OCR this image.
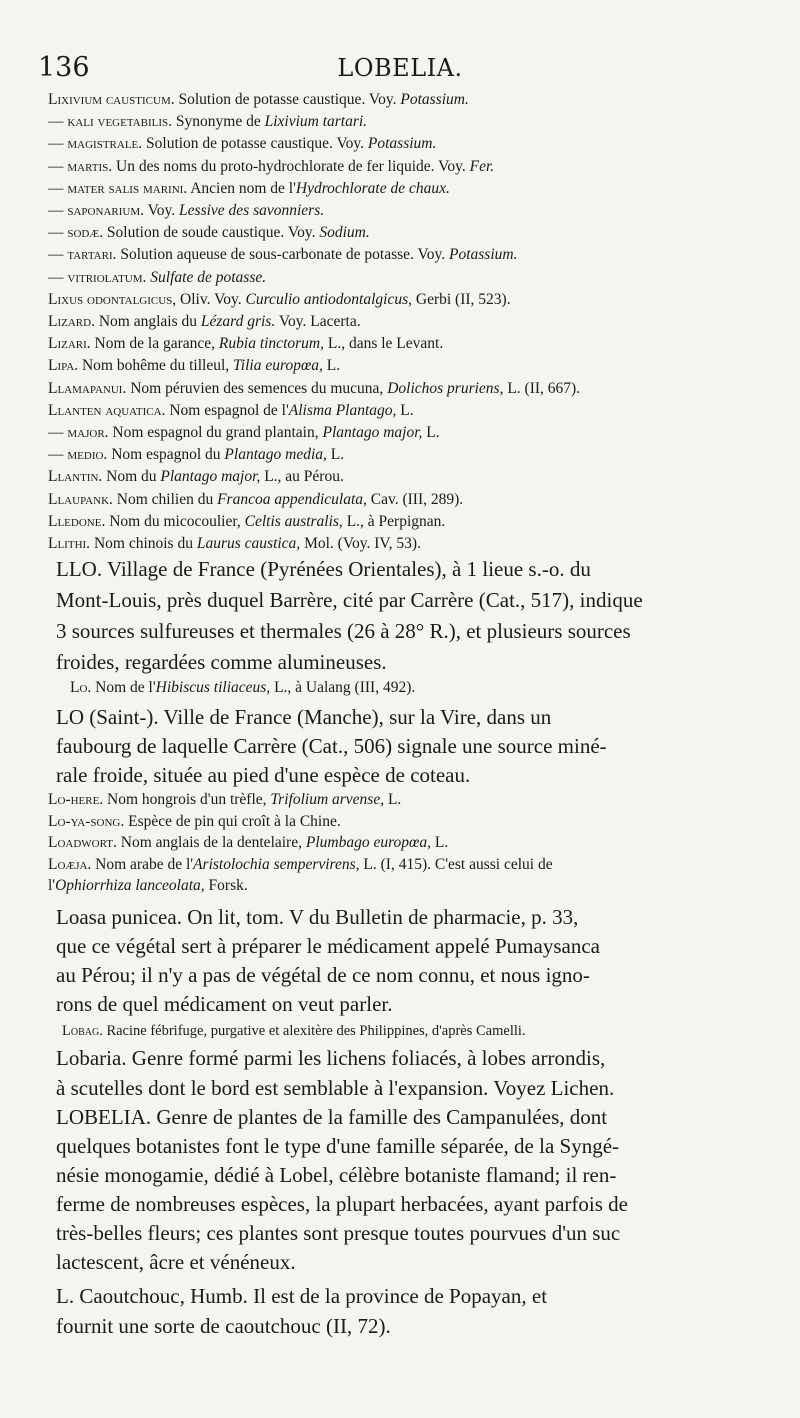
136	LOBELIA.
Lixivium causticum. Solution de potasse caustique. Voy. Potassium.
— kali vegetabilis. Synonyme de Lixivium tartari.
— magistrale. Solution de potasse caustique. Voy. Potassium.
— martis. Un des noms du proto-hydrochlorate de fer liquide. Voy. Fer.
— mater salis marini. Ancien nom de l'Hydrochlorate de chaux.
— saponarium. Voy. Lessive des savonniers.
— sodæ. Solution de soude caustique. Voy. Sodium.
— tartari. Solution aqueuse de sous-carbonate de potasse. Voy. Potassium.
— vitriolatum. Sulfate de potasse.
Lixus odontalgicus, Oliv. Voy. Curculio antiodontalgicus, Gerbi (II, 523).
Lizard. Nom anglais du Lézard gris. Voy. Lacerta.
Lizari. Nom de la garance, Rubia tinctorum, L., dans le Levant.
Lipa. Nom bohême du tilleul, Tilia europœa, L.
Llamapanui. Nom péruvien des semences du mucuna, Dolichos pruriens, L. (II, 667).
Llanten aquatica. Nom espagnol de l'Alisma Plantago, L.
— major. Nom espagnol du grand plantain, Plantago major, L.
— medio. Nom espagnol du Plantago media, L.
Llantin. Nom du Plantago major, L., au Pérou.
Llaupank. Nom chilien du Francoa appendiculata, Cav. (III, 289).
Lledone. Nom du micocoulier, Celtis australis, L., à Perpignan.
Llithi. Nom chinois du Laurus caustica, Mol. (Voy. IV, 53).
LLO. Village de France (Pyrénées Orientales), à 1 lieue s.-o. du
Mont-Louis, près duquel Barrère, cité par Carrère (Cat., 517), indique
3 sources sulfureuses et thermales (26 à 28° R.), et plusieurs sources
froides, regardées comme alumineuses.
Lo. Nom de l'Hibiscus tiliaceus, L., à Ualang (III, 492).
LO (Saint-). Ville de France (Manche), sur la Vire, dans un
faubourg de laquelle Carrère (Cat., 506) signale une source miné-
rale froide, située au pied d'une espèce de coteau.
Lo-here. Nom hongrois d'un trèfle, Trifolium arvense, L.
Lo-ya-song. Espèce de pin qui croît à la Chine.
Loadwort. Nom anglais de la dentelaire, Plumbago europœa, L.
Loæja. Nom arabe de l'Aristolochia sempervirens, L. (I, 415). C'est aussi celui de
l'Ophiorrhiza lanceolata, Forsk.
Loasa punicea. On lit, tom. V du Bulletin de pharmacie, p. 33,
que ce végétal sert à préparer le médicament appelé Pumaysanca
au Pérou; il n'y a pas de végétal de ce nom connu, et nous igno-
rons de quel médicament on veut parler.
Lobag. Racine fébrifuge, purgative et alexitère des Philippines, d'après Camelli.
Lobaria. Genre formé parmi les lichens foliacés, à lobes arrondis,
à scutelles dont le bord est semblable à l'expansion. Voyez Lichen.
LOBELIA. Genre de plantes de la famille des Campanulées, dont
quelques botanistes font le type d'une famille séparée, de la Syngé-
nésie monogamie, dédié à Lobel, célèbre botaniste flamand; il ren-
ferme de nombreuses espèces, la plupart herbacées, ayant parfois de
très-belles fleurs; ces plantes sont presque toutes pourvues d'un suc
lactescent, âcre et vénéneux.
L. Caoutchouc, Humb. Il est de la province de Popayan, et
fournit une sorte de caoutchouc (II, 72).
